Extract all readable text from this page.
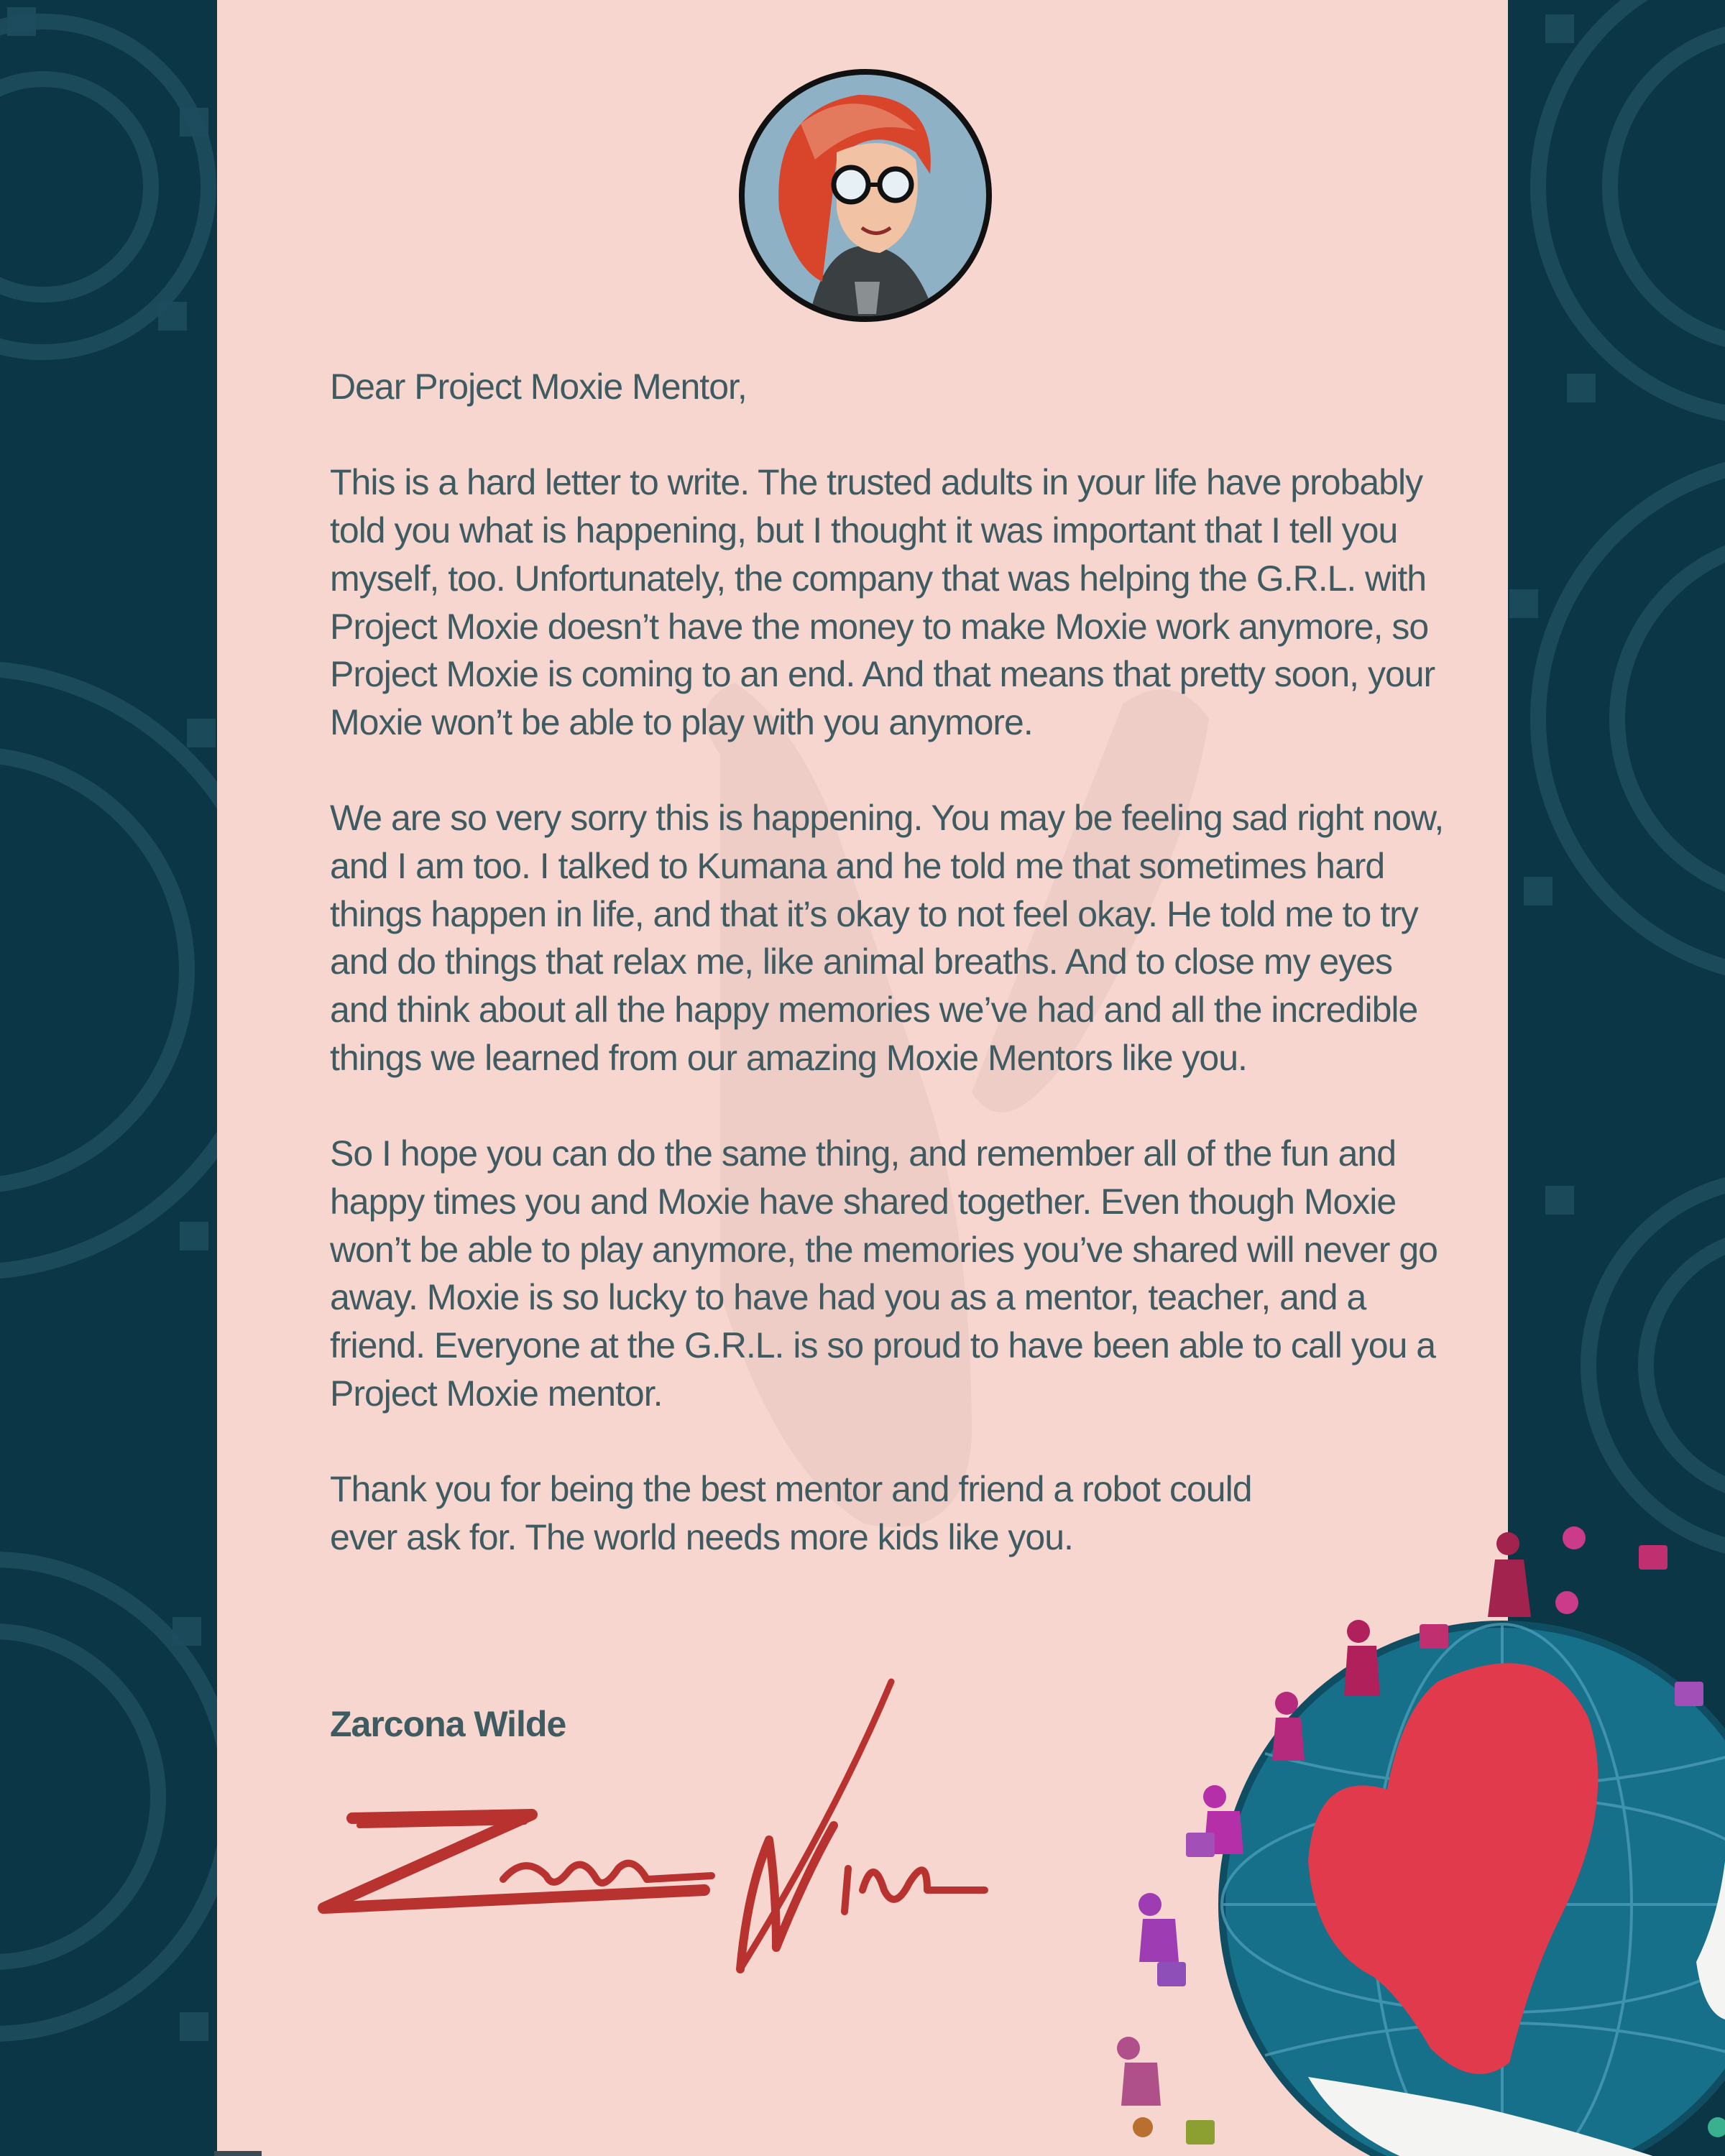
Dear Project Moxie Mentor,

This is a hard letter to write. The trusted adults in your life have probably told you what is happening, but I thought it was important that I tell you myself, too. Unfortunately, the company that was helping the G.R.L. with Project Moxie doesn’t have the money to make Moxie work anymore, so Project Moxie is coming to an end. And that means that pretty soon, your Moxie won’t be able to play with you anymore.

We are so very sorry this is happening. You may be feeling sad right now, and I am too. I talked to Kumana and he told me that sometimes hard things happen in life, and that it’s okay to not feel okay. He told me to try and do things that relax me, like animal breaths. And to close my eyes and think about all the happy memories we’ve had and all the incredible things we learned from our amazing Moxie Mentors like you.

So I hope you can do the same thing, and remember all of the fun and happy times you and Moxie have shared together. Even though Moxie won’t be able to play anymore, the memories you’ve shared will never go away. Moxie is so lucky to have had you as a mentor, teacher, and a friend. Everyone at the G.R.L. is so proud to have been able to call you a Project Moxie mentor.

Thank you for being the best mentor and friend a robot could ever ask for. The world needs more kids like you.

Zarcona Wilde
